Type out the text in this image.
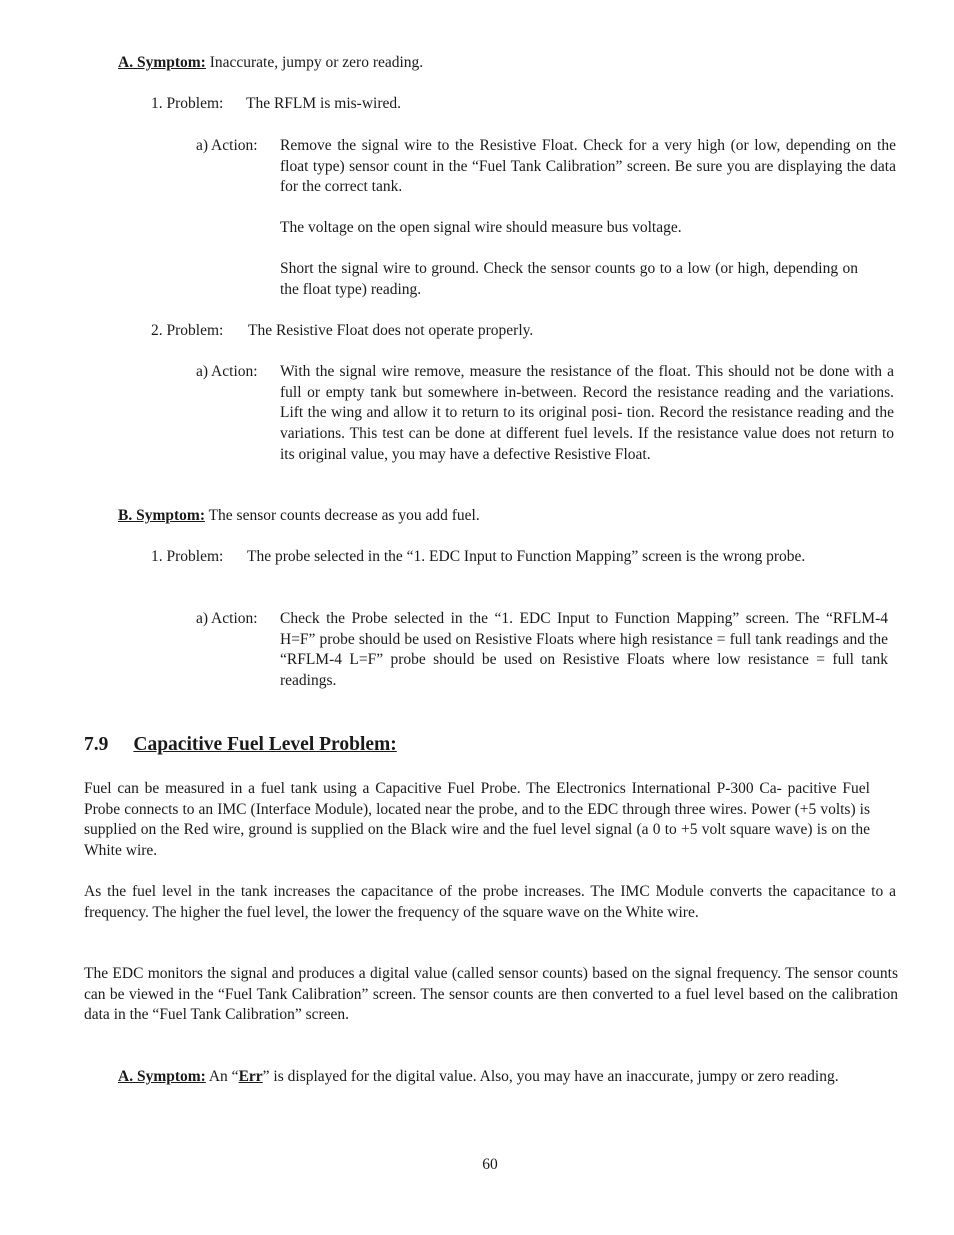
A. Symptom: Inaccurate, jumpy or zero reading.
1. Problem: The RFLM is mis-wired.
a) Action: Remove the signal wire to the Resistive Float. Check for a very high (or low, depending on the float type) sensor count in the “Fuel Tank Calibration” screen. Be sure you are displaying the data for the correct tank.
The voltage on the open signal wire should measure bus voltage.
Short the signal wire to ground. Check the sensor counts go to a low (or high, depending on the float type) reading.
2. Problem: The Resistive Float does not operate properly.
a) Action: With the signal wire remove, measure the resistance of the float. This should not be done with a full or empty tank but somewhere in-between. Record the resistance reading and the variations. Lift the wing and allow it to return to its original posi- tion. Record the resistance reading and the variations. This test can be done at different fuel levels. If the resistance value does not return to its original value, you may have a defective Resistive Float.
B. Symptom: The sensor counts decrease as you add fuel.
1. Problem: The probe selected in the “1. EDC Input to Function Mapping” screen is the wrong probe.
a) Action: Check the Probe selected in the “1. EDC Input to Function Mapping” screen. The “RFLM-4 H=F” probe should be used on Resistive Floats where high resistance = full tank readings and the “RFLM-4 L=F” probe should be used on Resistive Floats where low resistance = full tank readings.
7.9 Capacitive Fuel Level Problem:
Fuel can be measured in a fuel tank using a Capacitive Fuel Probe. The Electronics International P-300 Ca- pacitive Fuel Probe connects to an IMC (Interface Module), located near the probe, and to the EDC through three wires. Power (+5 volts) is supplied on the Red wire, ground is supplied on the Black wire and the fuel level signal (a 0 to +5 volt square wave) is on the White wire.
As the fuel level in the tank increases the capacitance of the probe increases. The IMC Module converts the capacitance to a frequency. The higher the fuel level, the lower the frequency of the square wave on the White wire.
The EDC monitors the signal and produces a digital value (called sensor counts) based on the signal frequency. The sensor counts can be viewed in the “Fuel Tank Calibration” screen. The sensor counts are then converted to a fuel level based on the calibration data in the “Fuel Tank Calibration” screen.
A. Symptom: An “Err” is displayed for the digital value. Also, you may have an inaccurate, jumpy or zero reading.
60
